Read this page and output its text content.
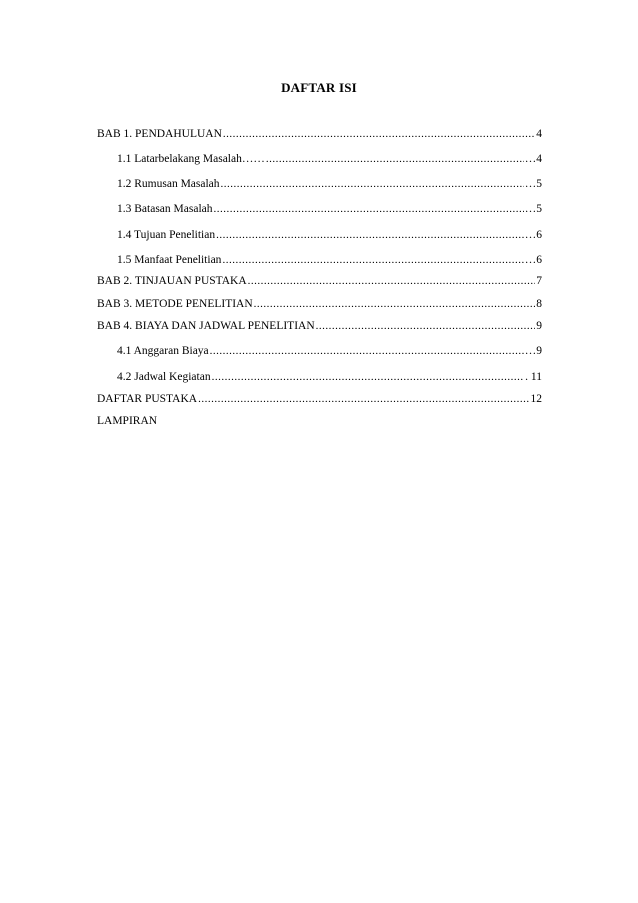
DAFTAR ISI
BAB 1. PENDAHULUAN .....	4
1.1 Latarbelakang Masalah…… .....	…4
1.2 Rumusan Masalah .....	…5
1.3 Batasan Masalah .....	…5
1.4 Tujuan Penelitian .....	…6
1.5 Manfaat Penelitian .....	…6
BAB 2. TINJAUAN PUSTAKA .....	7
BAB 3. METODE PENELITIAN .....	8
BAB 4. BIAYA DAN JADWAL PENELITIAN .....	9
4.1 Anggaran Biaya .....	…9
4.2 Jadwal Kegiatan .....	. 11
DAFTAR PUSTAKA .....	12
LAMPIRAN
